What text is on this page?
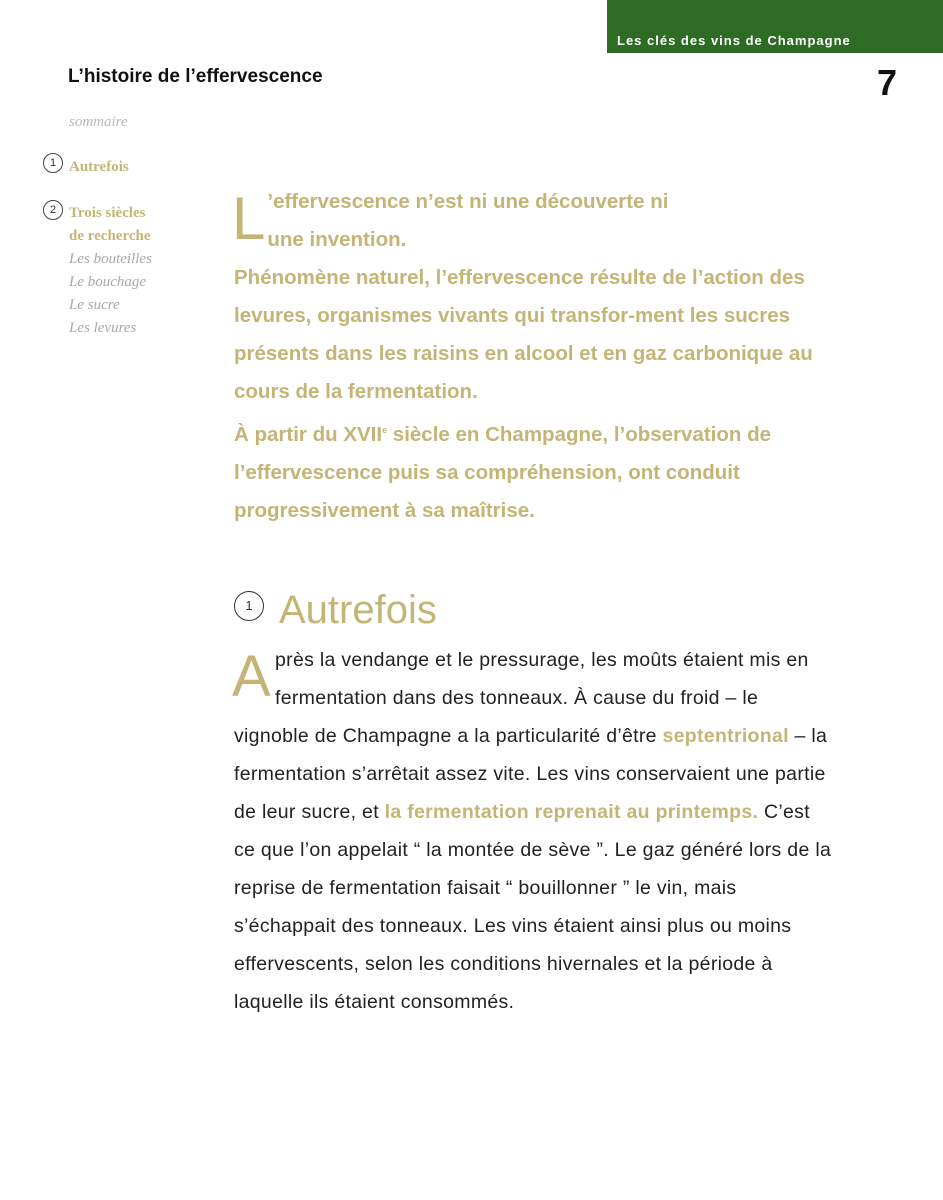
Les clés des vins de Champagne
L’histoire de l’effervescence	7
sommaire
1 Autrefois
2 Trois siècles
de recherche
Les bouteilles
Le bouchage
Le sucre
Les levures
L ’effervescence n’est ni une découverte ni
une invention.
Phénomène naturel, l’effervescence résulte de l’action des levures, organismes vivants qui transfor-ment les sucres présents dans les raisins en alcool et en gaz carbonique au cours de la fermentation.
À partir du XVIIe siècle en Champagne, l’observation de l’effervescence puis sa compréhension, ont conduit progressivement à sa maîtrise.
1 Autrefois
A près la vendange et le pressurage, les moûts étaient mis en fermentation dans des tonneaux. À cause du froid – le vignoble de Champagne a la particularité d’être septentrional – la fermentation s’arrêtait assez vite. Les vins conservaient une partie de leur sucre, et la fermentation reprenait au printemps. C’est ce que l’on appelait “ la montée de sève ”. Le gaz généré lors de la reprise de fermentation faisait “ bouillonner ” le vin, mais s’échappait des tonneaux. Les vins étaient ainsi plus ou moins effervescents, selon les conditions hivernales et la période à laquelle ils étaient consommés.
